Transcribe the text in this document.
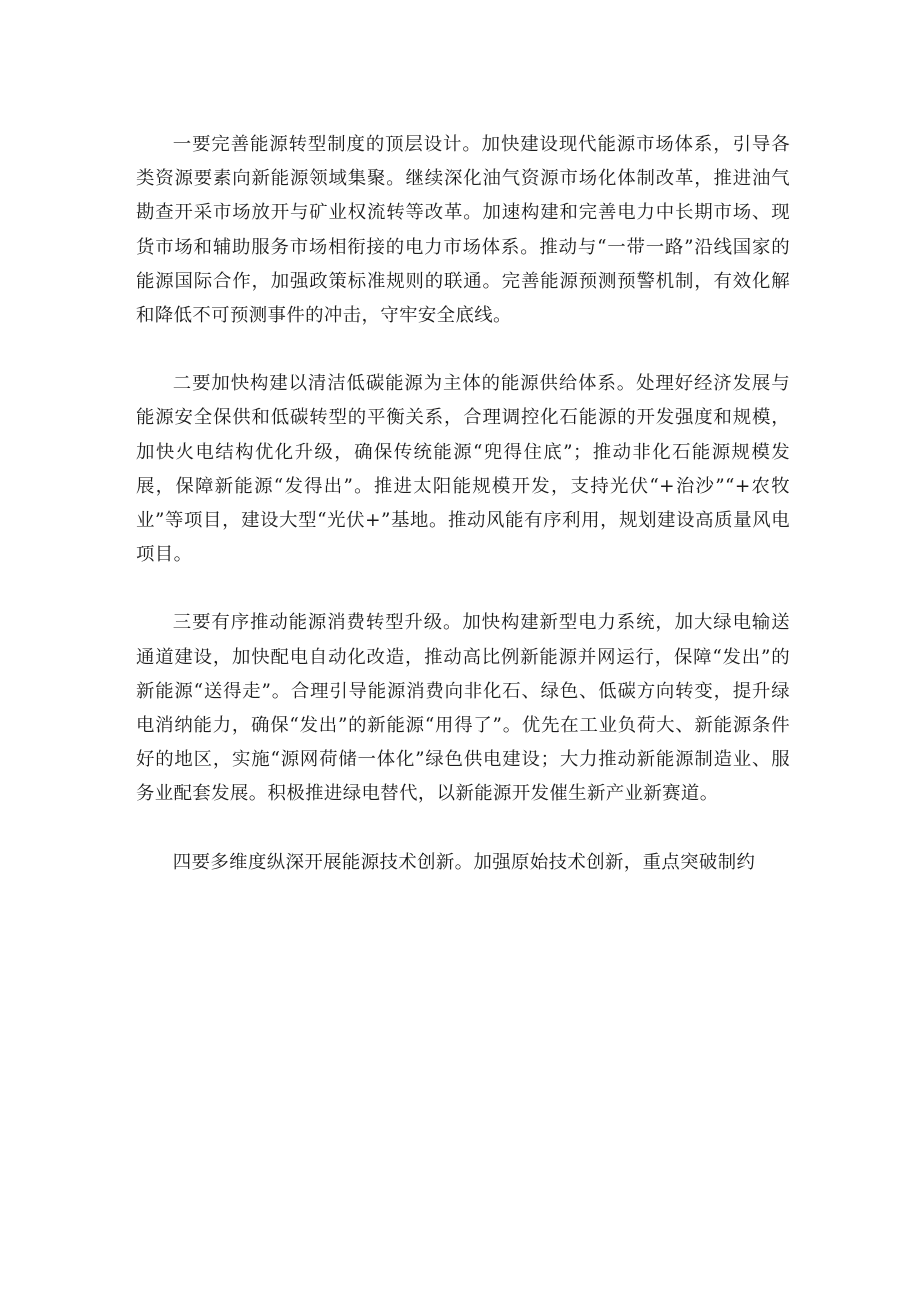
一要完善能源转型制度的顶层设计。加快建设现代能源市场体系，引导各类资源要素向新能源领域集聚。继续深化油气资源市场化体制改革，推进油气勘查开采市场放开与矿业权流转等改革。加速构建和完善电力中长期市场、现货市场和辅助服务市场相衔接的电力市场体系。推动与“一带一路”沿线国家的能源国际合作，加强政策标准规则的联通。完善能源预测预警机制，有效化解和降低不可预测事件的冲击，守牢安全底线。

二要加快构建以清洁低碳能源为主体的能源供给体系。处理好经济发展与能源安全保供和低碳转型的平衡关系，合理调控化石能源的开发强度和规模，加快火电结构优化升级，确保传统能源“兜得住底”；推动非化石能源规模发展，保障新能源“发得出”。推进太阳能规模开发，支持光伏“+治沙”“+农牧业”等项目，建设大型“光伏+”基地。推动风能有序利用，规划建设高质量风电项目。

三要有序推动能源消费转型升级。加快构建新型电力系统，加大绿电输送通道建设，加快配电自动化改造，推动高比例新能源并网运行，保障“发出”的新能源“送得走”。合理引导能源消费向非化石、绿色、低碳方向转变，提升绿电消纳能力，确保“发出”的新能源“用得了”。优先在工业负荷大、新能源条件好的地区，实施“源网荷储一体化”绿色供电建设；大力推动新能源制造业、服务业配套发展。积极推进绿电替代，以新能源开发催生新产业新赛道。

四要多维度纵深开展能源技术创新。加强原始技术创新，重点突破制约
